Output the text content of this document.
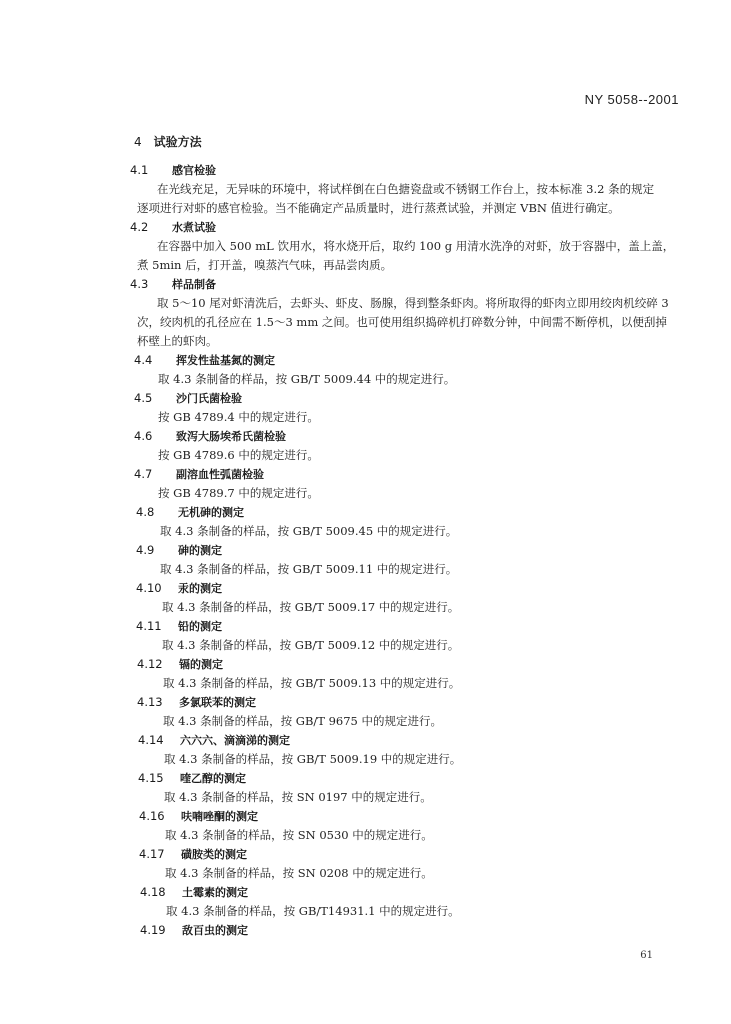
NY 5058--2001
4 试验方法
4.1 感官检验
在光线充足，无异味的环境中，将试样倒在白色搪瓷盘或不锈钢工作台上，按本标准 3.2 条的规定
逐项进行对虾的感官检验。当不能确定产品质量时，进行蒸煮试验，并测定 VBN 值进行确定。
4.2 水煮试验
在容器中加入 500 mL 饮用水，将水烧开后，取约 100 g 用清水洗净的对虾，放于容器中，盖上盖，
煮 5min 后，打开盖，嗅蒸汽气味，再品尝肉质。
4.3 样品制备
取 5～10 尾对虾清洗后，去虾头、虾皮、肠腺，得到整条虾肉。将所取得的虾肉立即用绞肉机绞碎 3
次，绞肉机的孔径应在 1.5～3 mm 之间。也可使用组织捣碎机打碎数分钟，中间需不断停机，以便刮掉
杯壁上的虾肉。
4.4 挥发性盐基氮的测定
取 4.3 条制备的样品，按 GB/T 5009.44 中的规定进行。
4.5 沙门氏菌检验
按 GB 4789.4 中的规定进行。
4.6 致泻大肠埃希氏菌检验
按 GB 4789.6 中的规定进行。
4.7 副溶血性弧菌检验
按 GB 4789.7 中的规定进行。
4.8 无机砷的测定
取 4.3 条制备的样品，按 GB/T 5009.45 中的规定进行。
4.9 砷的测定
取 4.3 条制备的样品，按 GB/T 5009.11 中的规定进行。
4.10 汞的测定
取 4.3 条制备的样品，按 GB/T 5009.17 中的规定进行。
4.11 铅的测定
取 4.3 条制备的样品，按 GB/T 5009.12 中的规定进行。
4.12 镉的测定
取 4.3 条制备的样品，按 GB/T 5009.13 中的规定进行。
4.13 多氯联苯的测定
取 4.3 条制备的样品，按 GB/T 9675 中的规定进行。
4.14 六六六、滴滴涕的测定
取 4.3 条制备的样品，按 GB/T 5009.19 中的规定进行。
4.15 喹乙醇的测定
取 4.3 条制备的样品，按 SN 0197 中的规定进行。
4.16 呋喃唑酮的测定
取 4.3 条制备的样品，按 SN 0530 中的规定进行。
4.17 磺胺类的测定
取 4.3 条制备的样品，按 SN 0208 中的规定进行。
4.18 土霉素的测定
取 4.3 条制备的样品，按 GB/T14931.1 中的规定进行。
4.19 敌百虫的测定
61
